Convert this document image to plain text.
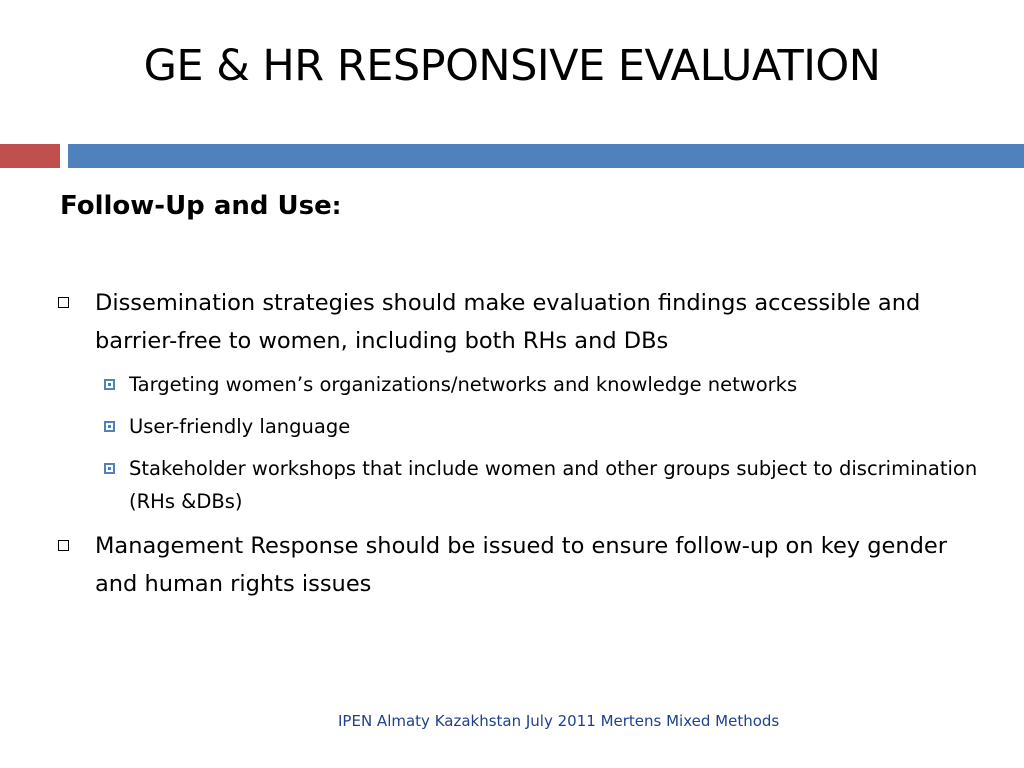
GE & HR RESPONSIVE EVALUATION
Follow-Up and Use:
Dissemination strategies should make evaluation findings accessible and barrier-free to women, including both RHs and DBs
Targeting women’s organizations/networks and knowledge networks
User-friendly language
Stakeholder workshops that include women and other groups subject to discrimination (RHs &DBs)
Management Response should be issued to ensure follow-up on key gender and human rights issues
IPEN Almaty Kazakhstan July 2011 Mertens Mixed Methods
